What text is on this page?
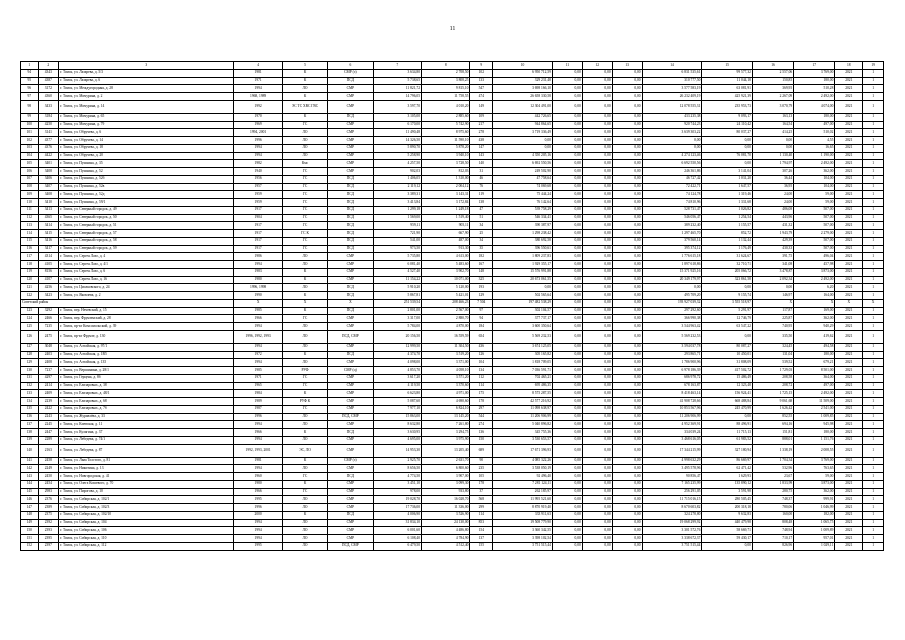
11
1	2	3	4	5	6	7	8	9	10	11	12	13	14	15	16	17	18	19
94	4343	г. Томск, ул. Лазарева, д. 5/3	1981	К	СМР (э)	3 634,80	2 708,50	102	6 950 712,59	0,00	0,00	0,00	6 831 535,61	99 577,32	2 557,06	3 769,00	2021	1
95	4387	г. Томск, ул. Лазарева, д. 6	1971	К	ПСД	5 738,65	3 808,25	133	329 231,48	0,00	0,00	0,00	310 777,50	11 044,18	150,85	180,00	2021	1
96	3172	г. Томск, ул. Междугородняя, д. 28	1994	ЛО	СМР	11 821,72	9 815,10	547	3 698 166,10	0,00	0,00	0,00	3 577 583,19	63 081,91	369,95	510,28	2021	1
97	4360	г. Томск, ул. Мичурина, д. 2	1968, 1989	К	СМР	14 796,05	11 758,55	474	26 658 330,58	0,00	0,00	0,00	26 232 409,19	425 921,39	2 267,09	2 492,00	2021	1
98	3433	г. Томск, ул. Мичурина, д. 14	1992	ЭС ТС ХВС ГВС	СМР	3 597,70	4 010,20	149	12 304 491,00	0,00	0,00	0,00	12 078 555,31	235 953,73	3 070,79	4 074,00	2021	1
99	3184	г. Томск, ул. Мичурина, д. 65	1970	К	ПСД	3 105,00	2 885,60	109	442 726,65	0,00	0,00	0,00	433 235,38	9 093,17	163,13	180,00	2021	1
100	4250	г. Томск, ул. Мичурина, д. 79	1969	ГС	СМР	6 170,00	5 742,90	217	944 864,65	0,00	0,00	0,00	920 744,23	24 110,42	164,54	497,00	2021	1
101	3141	г. Томск, ул. Обручева, д. 6	1994, 2001	ЛО	СМР	11 490,48	8 975,60	278	3 719 336,49	0,00	0,00	0,00	3 639 303,22	80 037,27	414,25	510,02	2021	1
102	4377	г. Томск, ул. Обручева, д. 14	1996	ЛО	СМР	14 326,50	11 590,10	438	0,00	0,00	0,00	0,00	0,00	0,00	0,00	4,55	2021	1
103	4376	г. Томск, ул. Обручева, д. 18	1994	ЛО	СМР	5 890,70	5 878,20	147	0,00	0,00	0,00	0,00	0,00	0,00	0,00	16,65	2021	1
104	4422	г. Томск, ул. Обручева, д. 20	1994	ЛО	СМР	5 258,90	3 940,10	143	4 350 205,16	0,00	0,00	0,00	4 274 123,46	76 081,70	1 130,40	1 190,00	2021	1
105	3401	г. Томск, ул. Пушкина, д. 35	1982	Кмс	СМР	4 257,50	3 728,50	140	6 692 550,56	0,00	0,00	0,00	6 692 550,56	0,00	1 794,97	2 492,00	2021	1
106	3408	г. Томск, ул. Пушкина, д. 52	1940	ГС	СМР	902,03	812,03	31	249 502,90	0,00	0,00	0,00	246 361,86	3 141,04	307,26	362,00	2021	1
107	3406	г. Томск, ул. Пушкина, д. 52б	1956	ГС	ПСД	1 406,05	1 310,00	46	47 758,64	0,00	0,00	0,00	46 727,42	1 031,20	36,44	104,00	2021	1
108	3407	г. Томск, ул. Пушкина, д. 52в	1957	ГС	ПСД	2 119,12	2 004,12	76	74 069,68	0,00	0,00	0,00	72 422,71	1 647,57	36,95	104,00	2021	1
109	3408	г. Томск, ул. Пушкина, д. 52д	1959	ГС	ПСД	3 389,31	3 143,31	119	75 444,24	0,00	0,00	0,00	74 124,78	1 319,46	24,00	59,00	2021	1
110	3410	г. Томск, ул. Пушкина, д. 59/1	1959	ГС	ПСД	3 413,84	3 172,84	138	76 142,64	0,00	0,00	0,00	74 810,96	1 331,68	24,00	59,00	2021	1
111	3413	г. Томск, ул. Северный городок, д. 49	1917	ГС	ПСД	1 299,18	1 249,18	47	539 758,29	0,00	0,00	0,00	528 731,47	1 026,82	486,08	507,00	2021	1
112	4365	г. Томск, ул. Северный городок, д. 50	1904	ГС	ПСД	1 569,00	1 519,40	51	546 334,41	0,00	0,00	0,00	546 056,47	1 254,54	443,96	507,00	2021	1
113	3414	г. Томск, ул. Северный городок, д. 51	1917	ГС	ПСД	959,11	905,11	34	390 387,97	0,00	0,00	0,00	389 232,40	1 155,57	431,32	507,00	2021	1
114	3415	г. Томск, ул. Северный городок, д. 57	1917	ГС К	ПСД	721,90	667,90	25	1 298 238,42	0,00	0,00	0,00	1 297 465,70	852,72	1 943,79	2 279,00	2021	1
115	3416	г. Томск, ул. Северный городок, д. 58	1917	ГС	ПСД	541,00	487,00	34	380 692,58	0,00	0,00	0,00	379 560,14	1 132,44	429,39	507,00	2021	1
116	3417	г. Томск, ул. Северный городок, д. 59	1917	ГС	ПСД	973,50	913,30	35	396 550,61	0,00	0,00	0,00	395 374,12	1 176,49	430,33	507,00	2021	1
117	4314	г. Томск, ул. Сергея Лазо, д. 4	1986	ЛО	СМР	5 735,80	4 613,00	182	1 809 237,83	0,00	0,00	0,00	1 776 615,18	31 624,67	391,75	496,04	2021	1
118	4105	г. Томск, ул. Сергея Лазо, д. 4/1	1994	ЛО	СМР	6 081,40	5 483,60	167	1 929 355,17	0,00	0,00	0,00	1 897 618,86	32 710,71	341,08	457,98	2021	1
119	8156	г. Томск, ул. Сергея Лазо, д. 6	1983	К	СМР	4 527,40	3 902,70	148	15 576 991,88	0,00	0,00	0,00	15 371 925,16	205 066,72	3 478,87	3 873,00	2021	1
120	4107	г. Томск, ул. Сергея Лазо, д. 16	1980	К	СМР	11 154,22	10 071,00	325	20 673 061,55	0,00	0,00	0,00	20 349 179,97	323 861,58	2 092,34	2 492,00	2021	1
121	4256	г. Томск, ул. Циолковского, д. 24	1996, 1998	ЛО	ПСД	5 910,20	5 120,00	193	0,00	0,00	0,00	0,00	0,00	0,00	0,00	6,20	2021	1
122	3423	г. Томск, ул. Яковлева, д. 2	1990	К	ПСД	5 867,81	5 421,01	129	502 565,64	0,00	0,00	0,00	495 709,20	9 155,74	146,97	164,00	2021	1
Советский район			Х	Х	Х	251 539,54	208 466,23	7 504	197 482 538,29	0,00	0,00	0,00	193 927 039,32	3 555 518,97	Х	Х	Х	Х
123	3292	г. Томск, пер. Нечевский, д. 15	1985	К	ПСД	2 801,00	2 567,00	97	302 104,57	0,00	0,00	0,00	297 292,60	5 291,97	117,87	169,00	2021	1
124	2466	г. Томск, пер. Фрунзенский, д. 28	1966	ГС	СМР	3 317,00	2 880,70	94	377 737,17	0,00	0,00	0,00	366 990,38	12 746,79	225,87	362,00	2021	1
125	7235	г. Томск, пр-кт Комсомольский, д. 39	1994	ЛО	СМР	5 784,00	4 870,00	184	3 600 350,64	0,00	0,00	0,00	3 544 963,42	63 547,22	740,95	940,29	2021	1
126	2475	г. Томск, пр-кт Фрунзе, д. 130	1996, 1992, 1993	ЛО	ПСД, СМР	20 156,50	16 559,59	654	5 569 232,53	0,00	0,00	0,00	5 569 232,53	0,00	335,50	419,62	2021	1
127	3048	г. Томск, ул. Алтайская, д. 97/1	1994	ЛО	СМР	12 999,50	11 304,50	436	3 674 125,05	0,00	0,00	0,00	3 594 037,78	80 087,27	324,45	494,58	2021	1
128	2403	г. Томск, ул. Алтайская, д. 1В5	1972	К	ПСД	4 374,70	3 519,20	126	305 165,82	0,00	0,00	0,00	293 865,71	10 450,01	131,04	180,00	2021	1
129	2408	г. Томск, ул. Алтайская, д. 135	1994	ЛО	СМР	4 098,00	3 371,00	104	1 818 709,05	0,00	0,00	0,00	1 786 900,96	31 808,09	539,52	679,21	2021	1
130	7237	г. Томск, ул. Вершинина, д. 28/1	1985	РУФ	СМР (ц)	4 853,70	4 058,10	134	7 036 591,71	0,00	0,00	0,00	6 978 186,39	417 502,72	1 729,03	8 501,00	2021	1
131	4297	г. Томск, ул. Герцена, д. 8б	1971	ГС	СМР	3 617,20	3 571,20	112	702 465,21	0,00	0,00	0,00	686 978,72	15 486,49	208,58	364,00	2021	1
132	2414	г. Томск, ул. Елизаровых, д. 38	1965	ГС	СМР	4 119,50	3 370,60	114	695 486,35	0,00	0,00	0,00	678 163,87	12 323,48	208,72	497,00	2021	1
133	2409	г. Томск, ул. Елизаровых, д. 48/1	1984	К	СМР	6 623,80	4 971,00	175	8 575 287,55	0,00	0,00	0,00	8 418 463,14	156 924,41	1 725,15	2 492,00	2021	1
134	2239	г. Томск, ул. Елизаровых, д. 68	1989	РУФ К	СМР	5 087,60	4 690,60	178	42 577 216,92	0,00	0,00	0,00	41 908 728,66	668 488,84	9 061,68	11 509,00	2021	1
135	2422	г. Томск, ул. Елизаровых, д. 7б	1987	ГС	СМР	7 977,10	6 824,10	297	11 098 638,97	0,00	0,00	0,00	10 853 567,96	245 470,99	1 626,42	2 541,00	2021	1
136	2243	г. Томск, ул. Журавлёва, д. 33	1996	ЛО	ПСД, СМР	15 863,00	13 145,20	544	11 206 906,99	0,00	0,00	0,00	11 206 906,99	0,00	852,55	1 009,85	2021	1
137	2245	г. Томск, ул. Киевская, д. 11	1994	ЛО	СМР	8 632,80	7 261,80	274	5 040 896,82	0,00	0,00	0,00	4 952 369,91	88 496,91	694,16	945,98	2021	1
138	2447	г. Томск, ул. Кулагина, д. 37	1966	К	ПСД	3 630,95	3 294,75	136	345 755,36	0,00	0,00	0,00	334 039,24	11 715,13	151,81	180,00	2021	1
139	2289	г. Томск, ул. Лебедева, д. 74/1	1994	ЛО	СМР	4 695,00	3 975,90	150	3 530 653,57	0,00	0,00	0,00	3 468 616,05	61 983,52	888,01	1 151,76	2021	1
140	2163	г. Томск, ул. Лебедева, д. 87	1992, 1993, 2001	ЭС, ЛО	СМР	14 953,30	13 205,40	689	17 671 396,93	0,00	0,00	0,00	17 344 215,99	327 180,94	1 338,19	2 008,55	2021	1
141	2458	г. Томск, ул. Льва Толстого, д. 81	1981	К	СМР (э)	2 925,70	2 631,70	90	4 085 322,26	0,00	0,00	0,00	4 998 632,29	86 669,97	1 704,34	3 769,00	2021	1
142	2249	г. Томск, ул. Никитина, д. 13	1994	ЛО	СМР	8 656,50	6 800,60	235	3 538 050,19	0,00	0,00	0,00	3 495 578,96	62 471,42	532,96	763,65	2021	1
143	2450	г. Томск, ул. Новгородская, д. 41	1960	ГС	ПСД	4 774,50	3 907,00	105	92 496,40	0,00	0,00	0,00	90 856,47	1 629,93	23,67	59,00	2021	1
144	2454	г. Томск, ул. Олега Кошевого, д. 70	1980	К	СМР	3 451,10	3 099,30	178	7 281 124,11	0,00	0,00	0,00	7 165 235,99	135 890,12	1 833,99	3 873,00	2021	1
145	2983	г. Томск, ул. Пирогова, д. 10	1966	ГС	СМР	978,00	933,80	37	262 185,97	0,00	0,00	0,00	256 291,05	3 591,98	280,75	362,00	2021	1
146	2376	г. Томск, ул. Сибирская, д. 102/1	1995	ЛО	СМР	19 028,70	16 028,70	568	11 995 521,60	0,00	0,00	0,00	11 715 016,15	280 505,45	748,37	999,91	2021	1
147	2389	г. Томск, ул. Сибирская, д. 102/3	1996	ЛО	СМР	17 736,00	11 336,00	299	8 870 919,40	0,00	0,00	0,00	8 670 603,82	200 318,18	780,06	1 046,99	2021	1
148	2375	г. Томск, ул. Сибирская, д. 102/10	2000	К	ПСД	4 006,90	3 526,90	114	333 911,63	0,00	0,00	0,00	324 278,80	9 632,83	160,00	182,00	2021	1
149	2392	г. Томск, ул. Сибирская, д. 104	1994	ЛО	СМР	31 834,10	24 130,00	853	19 508 779,90	0,00	0,00	0,00	19 068 299,92	440 479,98	808,48	1 065,75	2021	1
150	2393	г. Томск, ул. Сибирская, д. 106	1994	ЛО	СМР	6 001,60	4 486,80	154	3 360 342,55	0,00	0,00	0,00	3 301 572,76	58 669,71	748,94	1 009,89	2021	1
151	2395	г. Томск, ул. Сибирская, д. 110	1994	ЛО	СМР	6 108,40	4 784,90	137	3 398 102,54	0,00	0,00	0,00	3 338 672,37	59 430,17	710,17	957,01	2021	1
152	2397	г. Томск, ул. Сибирская, д. 112	1995	ЛО	ПСД, СМР	6 479,50	4 512,40	155	3 751 515,44	0,00	0,00	0,00	3 751 515,44	0,00	826,96	1 029,11	2021	1
